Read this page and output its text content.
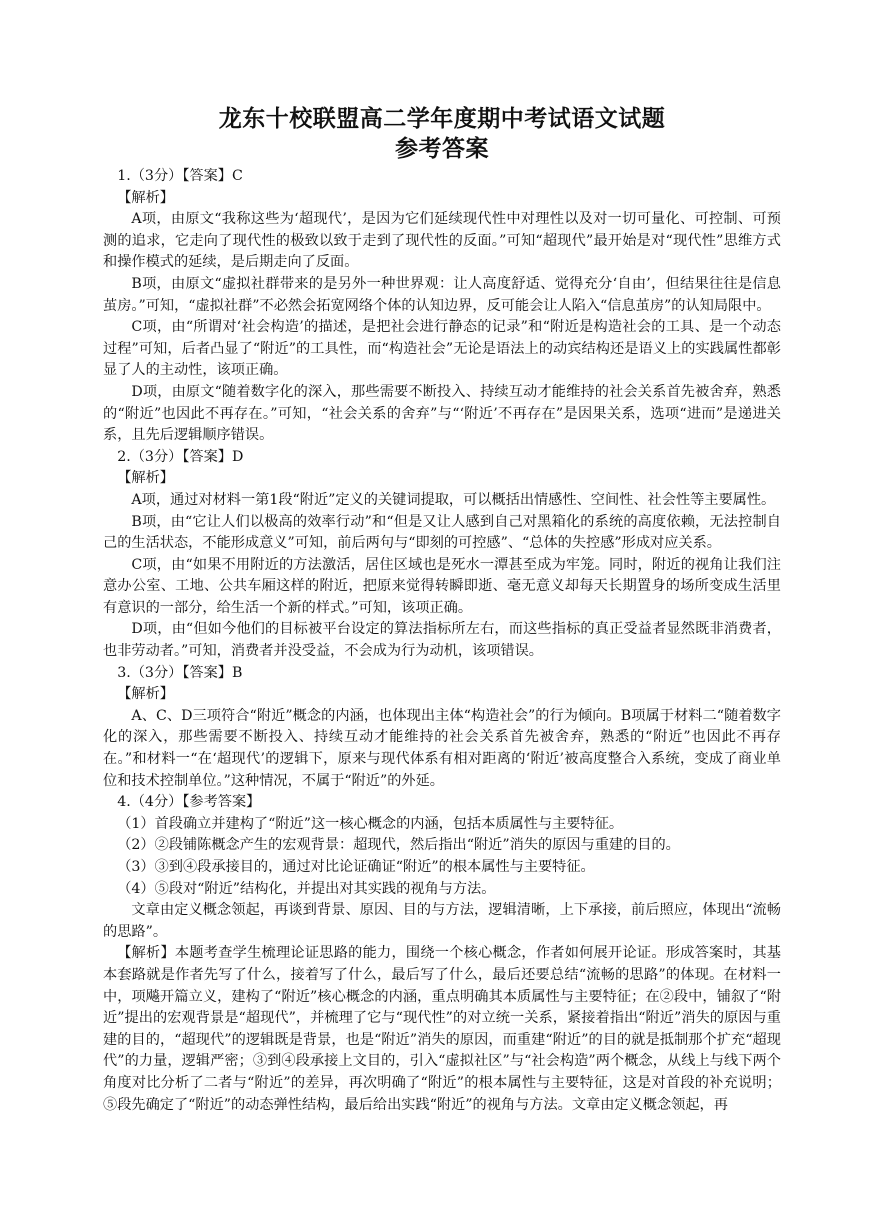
龙东十校联盟高二学年度期中考试语文试题
参考答案

1.（3分）【答案】C

【解析】

A项，由原文“我称这些为‘超现代’，是因为它们延续现代性中对理性以及对一切可量化、可控制、可预测的追求，它走向了现代性的极致以致于走到了现代性的反面。”可知“超现代”最开始是对“现代性”思维方式和操作模式的延续，是后期走向了反面。

B项，由原文“虚拟社群带来的是另外一种世界观：让人高度舒适、觉得充分‘自由’，但结果往往是信息茧房。”可知，“虚拟社群”不必然会拓宽网络个体的认知边界，反可能会让人陷入“信息茧房”的认知局限中。

C项，由“所谓对‘社会构造’的描述，是把社会进行静态的记录”和“附近是构造社会的工具、是一个动态过程”可知，后者凸显了“附近”的工具性，而“构造社会”无论是语法上的动宾结构还是语义上的实践属性都彰显了人的主动性，该项正确。

D项，由原文“随着数字化的深入，那些需要不断投入、持续互动才能维持的社会关系首先被舍弃，熟悉的“附近”也因此不再存在。”可知，“社会关系的舍弃”与“‘附近’不再存在”是因果关系，选项“进而”是递进关系，且先后逻辑顺序错误。

2.（3分）【答案】D

【解析】

A项，通过对材料一第1段“附近”定义的关键词提取，可以概括出情感性、空间性、社会性等主要属性。

B项，由“它让人们以极高的效率行动”和“但是又让人感到自己对黑箱化的系统的高度依赖，无法控制自己的生活状态，不能形成意义”可知，前后两句与“即刻的可控感”、“总体的失控感”形成对应关系。

C项，由“如果不用附近的方法激活，居住区域也是死水一潭甚至成为牢笼。同时，附近的视角让我们注意办公室、工地、公共车厢这样的附近，把原来觉得转瞬即逝、毫无意义却每天长期置身的场所变成生活里有意识的一部分，给生活一个新的样式。”可知，该项正确。

D项，由“但如今他们的目标被平台设定的算法指标所左右，而这些指标的真正受益者显然既非消费者，也非劳动者。”可知，消费者并没受益，不会成为行为动机，该项错误。

3.（3分）【答案】B

【解析】

A、C、D三项符合“附近”概念的内涵，也体现出主体“构造社会”的行为倾向。B项属于材料二“随着数字化的深入，那些需要不断投入、持续互动才能维持的社会关系首先被舍弃，熟悉的“附近”也因此不再存在。”和材料一“在‘超现代’的逻辑下，原来与现代体系有相对距离的‘附近’被高度整合入系统，变成了商业单位和技术控制单位。”这种情况，不属于“附近”的外延。

4.（4分）【参考答案】

（1）首段确立并建构了“附近”这一核心概念的内涵，包括本质属性与主要特征。

（2）②段铺陈概念产生的宏观背景：超现代，然后指出“附近”消失的原因与重建的目的。

（3）③到④段承接目的，通过对比论证确证“附近”的根本属性与主要特征。

（4）⑤段对“附近”结构化，并提出对其实践的视角与方法。

文章由定义概念领起，再谈到背景、原因、目的与方法，逻辑清晰，上下承接，前后照应，体现出“流畅的思路”。

【解析】本题考查学生梳理论证思路的能力，围绕一个核心概念，作者如何展开论证。形成答案时，其基本套路就是作者先写了什么，接着写了什么，最后写了什么，最后还要总结“流畅的思路”的体现。在材料一中，项飚开篇立义，建构了“附近”核心概念的内涵，重点明确其本质属性与主要特征；在②段中，铺叙了“附近”提出的宏观背景是“超现代”，并梳理了它与“现代性”的对立统一关系，紧接着指出“附近”消失的原因与重建的目的，“超现代”的逻辑既是背景，也是“附近”消失的原因，而重建“附近”的目的就是抵制那个扩充“超现代”的力量，逻辑严密；③到④段承接上文目的，引入“虚拟社区”与“社会构造”两个概念，从线上与线下两个角度对比分析了二者与“附近”的差异，再次明确了“附近”的根本属性与主要特征，这是对首段的补充说明；⑤段先确定了“附近”的动态弹性结构，最后给出实践“附近”的视角与方法。文章由定义概念领起，再
